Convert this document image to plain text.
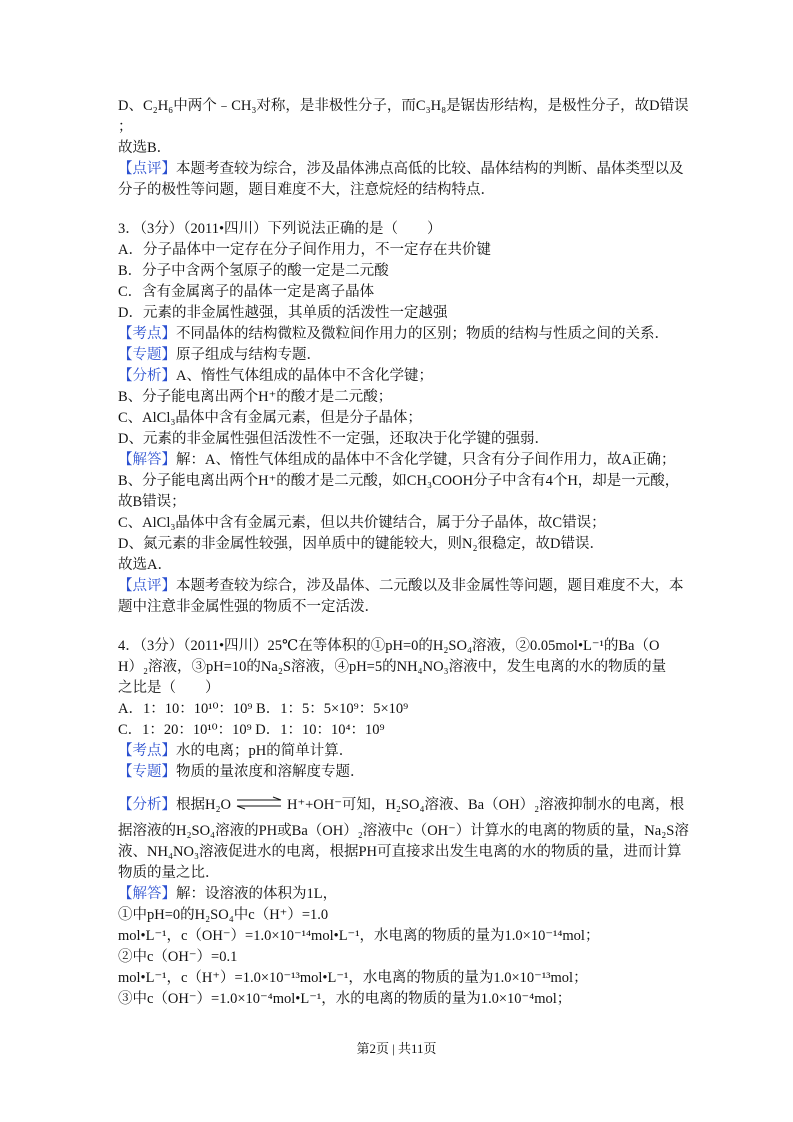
D、C₂H₆中两个﹣CH₃对称，是非极性分子，而C₃H₈是锯齿形结构，是极性分子，故D错误
；
故选B．
【点评】本题考查较为综合，涉及晶体沸点高低的比较、晶体结构的判断、晶体类型以及
分子的极性等问题，题目难度不大，注意烷烃的结构特点．
3．（3分）（2011•四川）下列说法正确的是（　　）
A．分子晶体中一定存在分子间作用力，不一定存在共价键
B．分子中含两个氢原子的酸一定是二元酸
C．含有金属离子的晶体一定是离子晶体
D．元素的非金属性越强，其单质的活泼性一定越强
【考点】不同晶体的结构微粒及微粒间作用力的区别；物质的结构与性质之间的关系．
【专题】原子组成与结构专题．
【分析】A、惰性气体组成的晶体中不含化学键；
B、分子能电离出两个H⁺的酸才是二元酸；
C、AlCl₃晶体中含有金属元素，但是分子晶体；
D、元素的非金属性强但活泼性不一定强，还取决于化学键的强弱．
【解答】解：A、惰性气体组成的晶体中不含化学键，只含有分子间作用力，故A正确；
B、分子能电离出两个H⁺的酸才是二元酸，如CH₃COOH分子中含有4个H，却是一元酸，
故B错误；
C、AlCl₃晶体中含有金属元素，但以共价键结合，属于分子晶体，故C错误；
D、氮元素的非金属性较强，因单质中的键能较大，则N₂很稳定，故D错误．
故选A．
【点评】本题考查较为综合，涉及晶体、二元酸以及非金属性等问题，题目难度不大，本
题中注意非金属性强的物质不一定活泼．
4．（3分）（2011•四川）25℃在等体积的①pH=0的H₂SO₄溶液，②0.05mol•L⁻¹的Ba（O
H）₂溶液，③pH=10的Na₂S溶液，④pH=5的NH₄NO₃溶液中，发生电离的水的物质的量
之比是（　　）
A．1：10：10¹⁰：10⁹ B．1：5：5×10⁹：5×10⁹
C．1：20：10¹⁰：10⁹ D．1：10：10⁴：10⁹
【考点】水的电离；pH的简单计算．
【专题】物质的量浓度和溶解度专题．
【分析】根据H₂O ⇌ H⁺+OH⁻可知，H₂SO₄溶液、Ba（OH）₂溶液抑制水的电离，根
据溶液的H₂SO₄溶液的PH或Ba（OH）₂溶液中c（OH⁻）计算水的电离的物质的量，Na₂S溶
液、NH₄NO₃溶液促进水的电离，根据PH可直接求出发生电离的水的物质的量，进而计算
物质的量之比．
【解答】解：设溶液的体积为1L，
①中pH=0的H₂SO₄中c（H⁺）=1.0
mol•L⁻¹，c（OH⁻）=1.0×10⁻¹⁴mol•L⁻¹，水电离的物质的量为1.0×10⁻¹⁴mol；
②中c（OH⁻）=0.1
mol•L⁻¹，c（H⁺）=1.0×10⁻¹³mol•L⁻¹，水电离的物质的量为1.0×10⁻¹³mol；
③中c（OH⁻）=1.0×10⁻⁴mol•L⁻¹，水的电离的物质的量为1.0×10⁻⁴mol；
第2页 | 共11页
